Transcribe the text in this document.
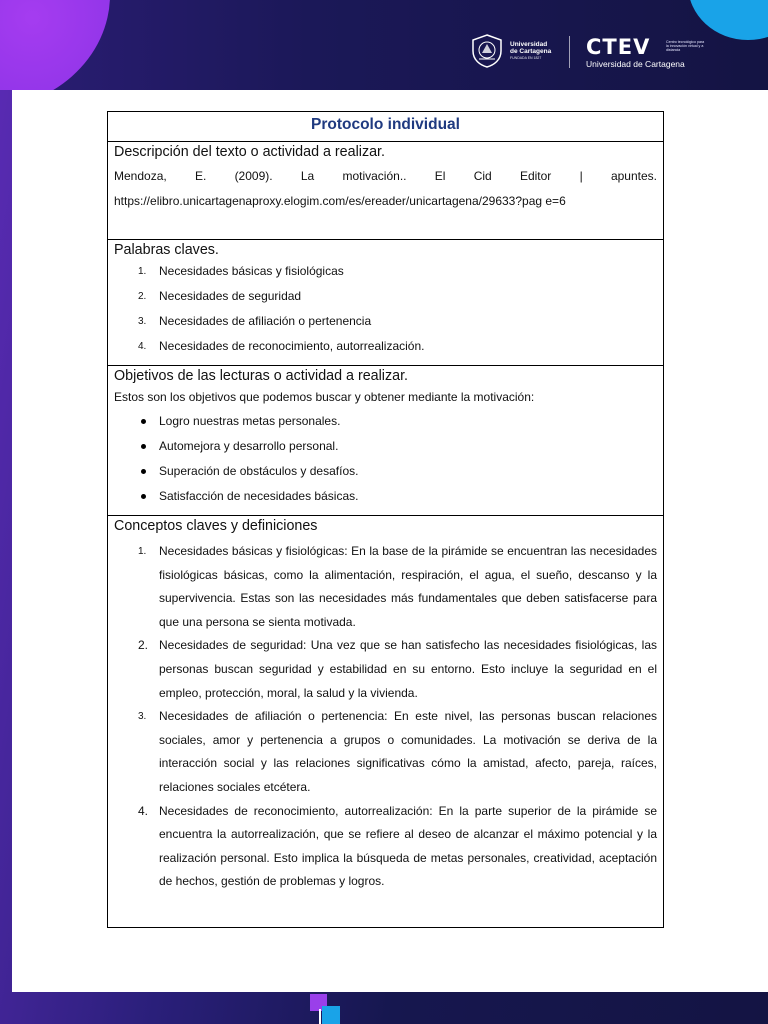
Universidad
de Cartagena
FUNDADA EN 1827	CTEV	Centro tecnológico para la innovación virtual y a distancia
Universidad de Cartagena
Protocolo individual
Descripción del texto o actividad a realizar.
Mendoza, E. (2009). La motivación.. El Cid Editor | apuntes.
https://elibro.unicartagenaproxy.elogim.com/es/ereader/unicartagena/29633?pag e=6
Palabras claves.
1.	Necesidades básicas y fisiológicas
2.	Necesidades de seguridad
3.	Necesidades de afiliación o pertenencia
4.	Necesidades de reconocimiento, autorrealización.
Objetivos de las lecturas o actividad a realizar.
Estos son los objetivos que podemos buscar y obtener mediante la motivación:
Logro nuestras metas personales.
Automejora y desarrollo personal.
Superación de obstáculos y desafíos.
Satisfacción de necesidades básicas.
Conceptos claves y definiciones
1.	Necesidades básicas y fisiológicas: En la base de la pirámide se encuentran las necesidades fisiológicas básicas, como la alimentación, respiración, el agua, el sueño, descanso y la supervivencia. Estas son las necesidades más fundamentales que deben satisfacerse para que una persona se sienta motivada.
2. Necesidades de seguridad: Una vez que se han satisfecho las necesidades fisiológicas, las personas buscan seguridad y estabilidad en su entorno. Esto incluye la seguridad en el empleo, protección, moral, la salud y la vivienda.
3.	Necesidades de afiliación o pertenencia: En este nivel, las personas buscan relaciones sociales, amor y pertenencia a grupos o comunidades. La motivación se deriva de la interacción social y las relaciones significativas cómo la amistad, afecto, pareja, raíces, relaciones sociales etcétera.
4. Necesidades de reconocimiento, autorrealización: En la parte superior de la pirámide se encuentra la autorrealización, que se refiere al deseo de alcanzar el máximo potencial y la realización personal. Esto implica la búsqueda de metas personales, creatividad, aceptación de hechos, gestión de problemas y logros.
